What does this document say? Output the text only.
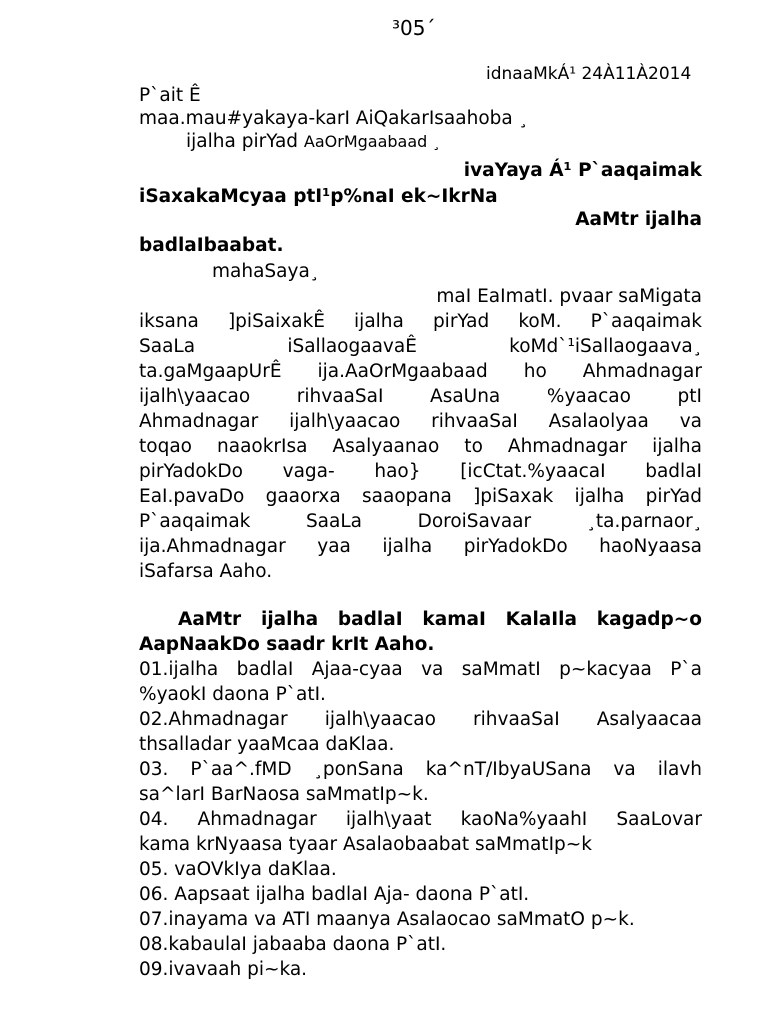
³05´
idnaaMkÁ¹ 24À11À2014
P`ait Ê
maa.mau#yakaya-karI AiQakarIsaahoba ¸
ijalha pirYad AaOrMgaabaad ¸
ivaYaya Á¹ P`aaqaimak
iSaxakaMcyaa ptI¹p%naI ek~IkrNa
AaMtr ijalha
badlaIbaabat.
mahaSaya¸
maI EaImatI. pvaar saMigata
iksana ]piSaixakÊ ijalha pirYad koM. P`aaqaimak
SaaLa iSallaogaavaÊ koMd`¹iSallaogaava¸
ta.gaMgaapUrÊ ija.AaOrMgaabaad ho Ahmadnagar
ijalh\yaacao rihvaaSaI AsaUna %yaacao ptI
Ahmadnagar ijalh\yaacao rihvaaSaI Asalaolyaa va
toqao naaokrIsa Asalyaanao to Ahmadnagar ijalha
pirYadokDo vaga- hao} [icCtat.%yaacaI badlaI
EaI.pavaDo gaaorxa saaopana ]piSaxak ijalha pirYad
P`aaqaimak SaaLa DoroiSavaar ¸ta.parnaor¸
ija.Ahmadnagar yaa ijalha pirYadokDo haoNyaasa
iSafarsa Aaho.
AaMtr ijalha badlaI kamaI KalaIla kagadp~o
AapNaakDo saadr krIt Aaho.
01.ijalha badlaI Ajaa-cyaa va saMmatI p~kacyaa P`a
%yaokI daona P`atI.
02.Ahmadnagar ijalh\yaacao rihvaaSaI Asalyaacaa
thsalladar yaaMcaa daKlaa.
03. P`aa^.fMD ¸ponSana ka^nT/IbyaUSana va ilavh
sa^larI BarNaosa saMmatIp~k.
04. Ahmadnagar ijalh\yaat kaoNa%yaahI SaaLovar
kama krNyaasa tyaar Asalaobaabat saMmatIp~k
05. vaOVkIya daKlaa.
06. Aapsaat ijalha badlaI Aja- daona P`atI.
07.inayama va ATI maanya Asalaocao saMmatO p~k.
08.kabaulaI jabaaba daona P`atI.
09.ivavaah pi~ka.
